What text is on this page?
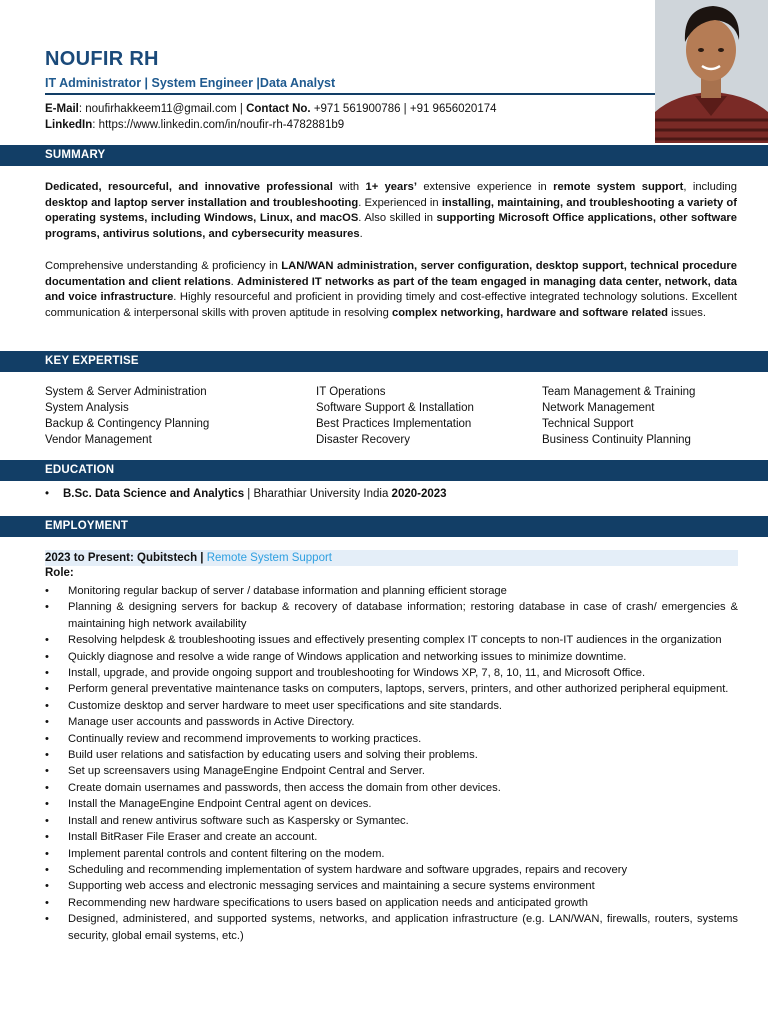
NOUFIR RH
IT Administrator | System Engineer |Data Analyst
E-Mail: noufirhakkeem11@gmail.com | Contact No. +971 561900786 | +91 9656020174
LinkedIn: https://www.linkedin.com/in/noufir-rh-4782881b9
SUMMARY

Dedicated, resourceful, and innovative professional with 1+ years’ extensive experience in remote system support, including desktop and laptop server installation and troubleshooting. Experienced in installing, maintaining, and troubleshooting a variety of operating systems, including Windows, Linux, and macOS. Also skilled in supporting Microsoft Office applications, other software programs, antivirus solutions, and cybersecurity measures.

Comprehensive understanding & proficiency in LAN/WAN administration, server configuration, desktop support, technical procedure documentation and client relations. Administered IT networks as part of the team engaged in managing data center, network, data and voice infrastructure. Highly resourceful and proficient in providing timely and cost-effective integrated technology solutions. Excellent communication & interpersonal skills with proven aptitude in resolving complex networking, hardware and software related issues.

KEY EXPERTISE
System & Server Administration
System Analysis
Backup & Contingency Planning
Vendor Management
IT Operations
Software Support & Installation
Best Practices Implementation
Disaster Recovery
Team Management & Training
Network Management
Technical Support
Business Continuity Planning
EDUCATION
• B.Sc. Data Science and Analytics | Bharathiar University India 2020-2023
EMPLOYMENT
2023 to Present: Qubitstech | Remote System Support
Role:
• Monitoring regular backup of server / database information and planning efficient storage
• Planning & designing servers for backup & recovery of database information; restoring database in case of crash/ emergencies & maintaining high network availability
• Resolving helpdesk & troubleshooting issues and effectively presenting complex IT concepts to non-IT audiences in the organization
• Quickly diagnose and resolve a wide range of Windows application and networking issues to minimize downtime.
• Install, upgrade, and provide ongoing support and troubleshooting for Windows XP, 7, 8, 10, 11, and Microsoft Office.
• Perform general preventative maintenance tasks on computers, laptops, servers, printers, and other authorized peripheral equipment.
• Customize desktop and server hardware to meet user specifications and site standards.
• Manage user accounts and passwords in Active Directory.
• Continually review and recommend improvements to working practices.
• Build user relations and satisfaction by educating users and solving their problems.
• Set up screensavers using ManageEngine Endpoint Central and Server.
• Create domain usernames and passwords, then access the domain from other devices.
• Install the ManageEngine Endpoint Central agent on devices.
• Install and renew antivirus software such as Kaspersky or Symantec.
• Install BitRaser File Eraser and create an account.
• Implement parental controls and content filtering on the modem.
• Scheduling and recommending implementation of system hardware and software upgrades, repairs and recovery
• Supporting web access and electronic messaging services and maintaining a secure systems environment
• Recommending new hardware specifications to users based on application needs and anticipated growth
• Designed, administered, and supported systems, networks, and application infrastructure (e.g. LAN/WAN, firewalls, routers, systems security, global email systems, etc.)
